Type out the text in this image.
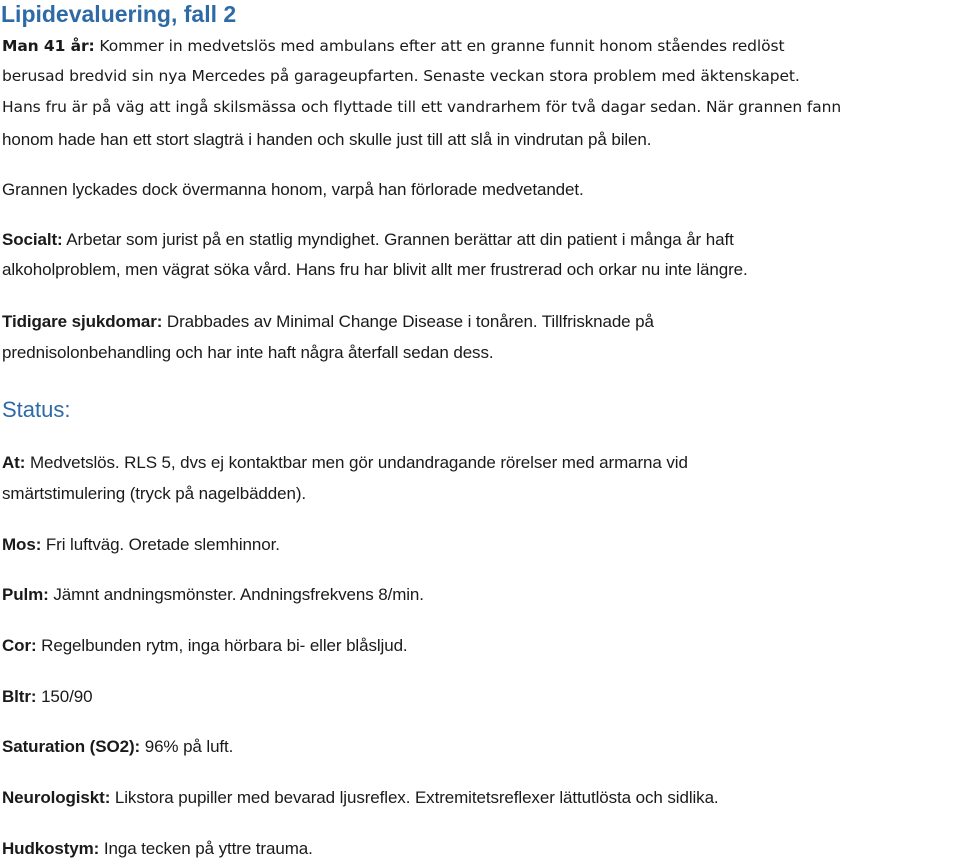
Lipidevaluering, fall 2
Man 41 år: Kommer in medvetslös med ambulans efter att en granne funnit honom ståendes redlöst
berusad bredvid sin nya Mercedes på garageupfarten. Senaste veckan stora problem med äktenskapet.
Hans fru är på väg att ingå skilsmässa och flyttade till ett vandrarhem för två dagar sedan. När grannen fann
honom hade han ett stort slagträ i handen och skulle just till att slå in vindrutan på bilen.
Grannen lyckades dock övermanna honom, varpå han förlorade medvetandet.
Socialt: Arbetar som jurist på en statlig myndighet. Grannen berättar att din patient i många år haft
alkoholproblem, men vägrat söka vård. Hans fru har blivit allt mer frustrerad och orkar nu inte längre.
Tidigare sjukdomar: Drabbades av Minimal Change Disease i tonåren. Tillfrisknade på
prednisolonbehandling och har inte haft några återfall sedan dess.
Status:
At: Medvetslös. RLS 5, dvs ej kontaktbar men gör undandragande rörelser med armarna vid
smärtstimulering (tryck på nagelbädden).
Mos: Fri luftväg. Oretade slemhinnor.
Pulm: Jämnt andningsmönster. Andningsfrekvens 8/min.
Cor: Regelbunden rytm, inga hörbara bi- eller blåsljud.
Bltr: 150/90
Saturation (SO2): 96% på luft.
Neurologiskt: Likstora pupiller med bevarad ljusreflex. Extremitetsreflexer lättutlösta och sidlika.
Hudkostym: Inga tecken på yttre trauma.
